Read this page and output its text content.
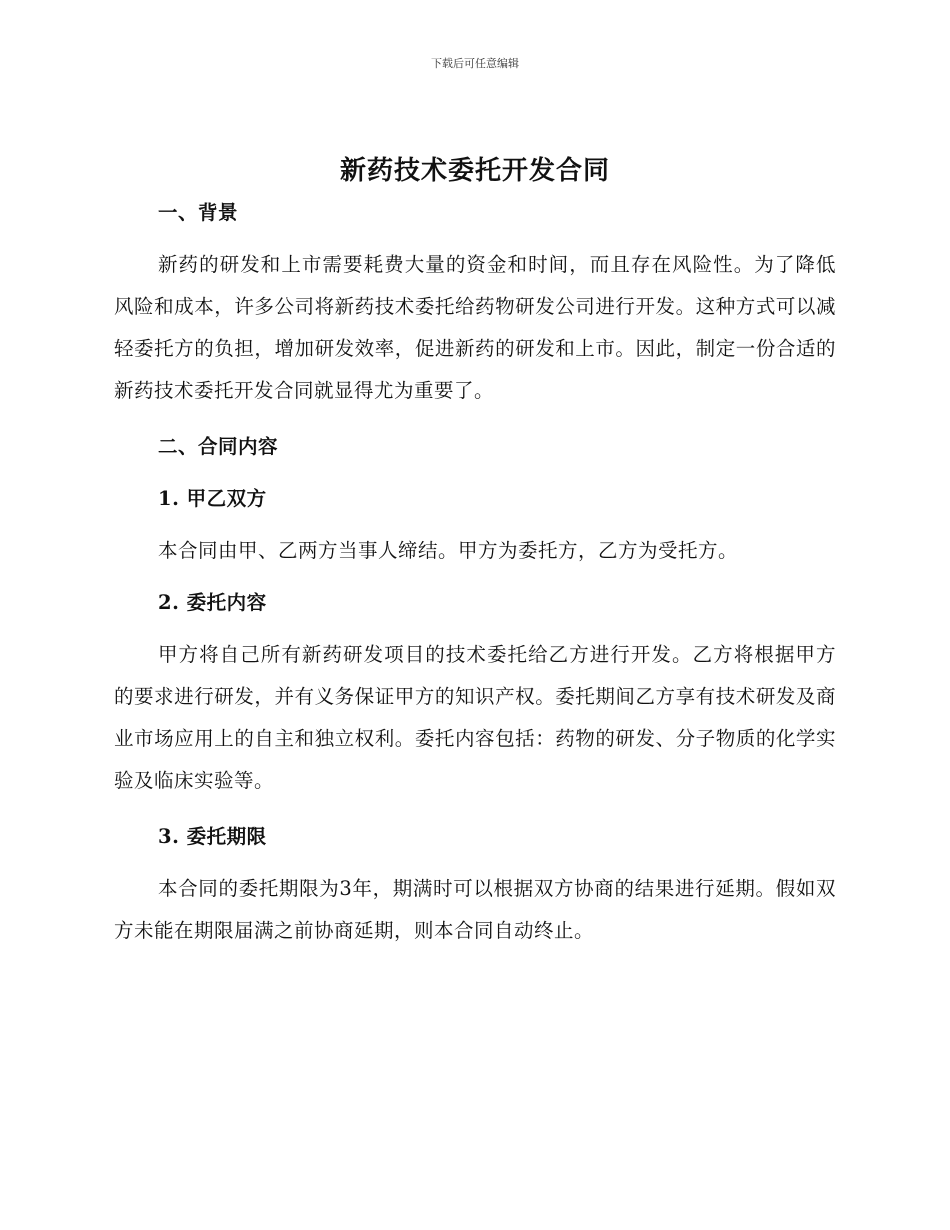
下载后可任意编辑
新药技术委托开发合同

一、背景

新药的研发和上市需要耗费大量的资金和时间，而且存在风险性。为了降低风险和成本，许多公司将新药技术委托给药物研发公司进行开发。这种方式可以减轻委托方的负担，增加研发效率，促进新药的研发和上市。因此，制定一份合适的新药技术委托开发合同就显得尤为重要了。

二、合同内容

1. 甲乙双方

本合同由甲、乙两方当事人缔结。甲方为委托方，乙方为受托方。

2. 委托内容

甲方将自己所有新药研发项目的技术委托给乙方进行开发。乙方将根据甲方的要求进行研发，并有义务保证甲方的知识产权。委托期间乙方享有技术研发及商业市场应用上的自主和独立权利。委托内容包括：药物的研发、分子物质的化学实验及临床实验等。

3. 委托期限

本合同的委托期限为3年，期满时可以根据双方协商的结果进行延期。假如双方未能在期限届满之前协商延期，则本合同自动终止。
